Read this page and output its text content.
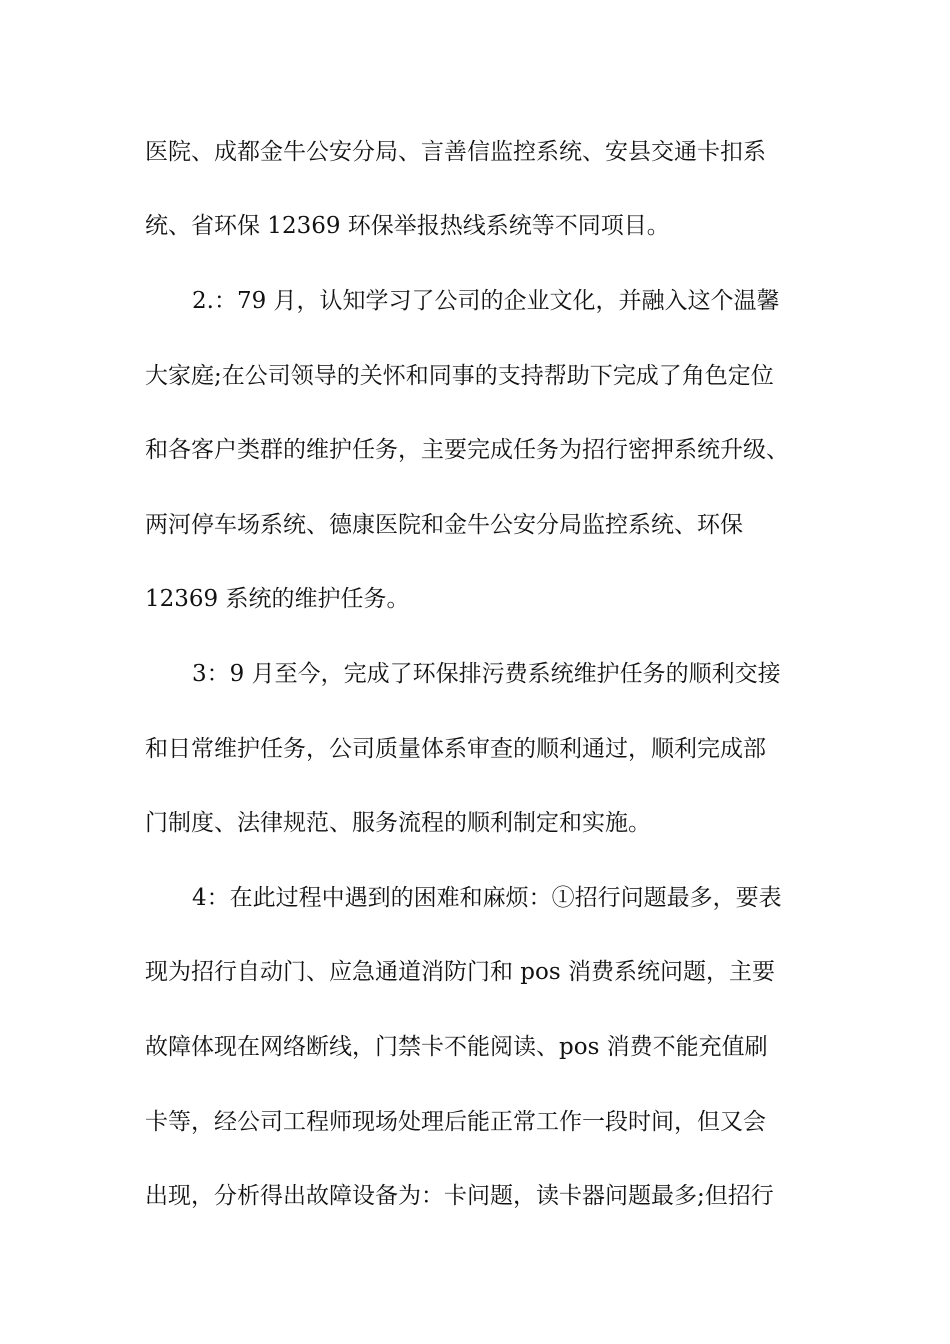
医院、成都金牛公安分局、言善信监控系统、安县交通卡扣系
统、省环保 12369 环保举报热线系统等不同项目。
2.：79 月，认知学习了公司的企业文化，并融入这个温馨
大家庭;在公司领导的关怀和同事的支持帮助下完成了角色定位
和各客户类群的维护任务，主要完成任务为招行密押系统升级、
两河停车场系统、德康医院和金牛公安分局监控系统、环保
12369 系统的维护任务。
3：9 月至今，完成了环保排污费系统维护任务的顺利交接
和日常维护任务，公司质量体系审查的顺利通过，顺利完成部
门制度、法律规范、服务流程的顺利制定和实施。
4：在此过程中遇到的困难和麻烦：①招行问题最多，要表
现为招行自动门、应急通道消防门和 pos 消费系统问题，主要
故障体现在网络断线，门禁卡不能阅读、pos 消费不能充值刷
卡等，经公司工程师现场处理后能正常工作一段时间，但又会
出现，分析得出故障设备为：卡问题，读卡器问题最多;但招行
